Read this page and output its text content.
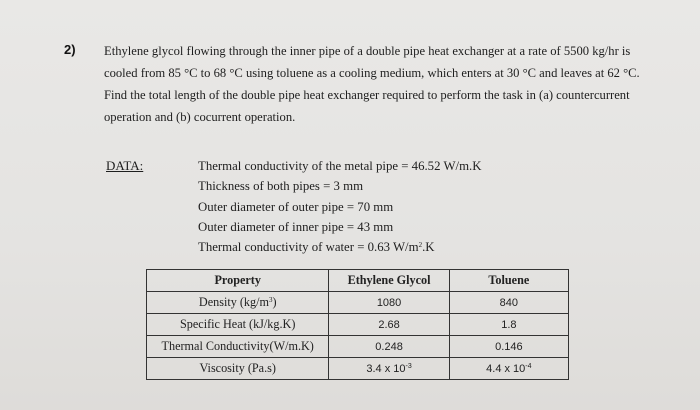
2) Ethylene glycol flowing through the inner pipe of a double pipe heat exchanger at a rate of 5500 kg/hr is cooled from 85 °C to 68 °C using toluene as a cooling medium, which enters at 30 °C and leaves at 62 °C. Find the total length of the double pipe heat exchanger required to perform the task in (a) countercurrent operation and (b) cocurrent operation.
DATA:	Thermal conductivity of the metal pipe = 46.52 W/m.K
Thickness of both pipes = 3 mm
Outer diameter of outer pipe = 70 mm
Outer diameter of inner pipe = 43 mm
Thermal conductivity of water = 0.63 $W/m^2.K$
Property	Ethylene Glycol	Toluene
Density $(kg/m^3)$	1080	840
Specific Heat (kJ/kg.K)	2.68	1.8
Thermal Conductivity(W/m.K)	0.248	0.146
Viscosity (Pa.s)	3.4 x $10^{-3}$	4.4 x $10^{-4}$
